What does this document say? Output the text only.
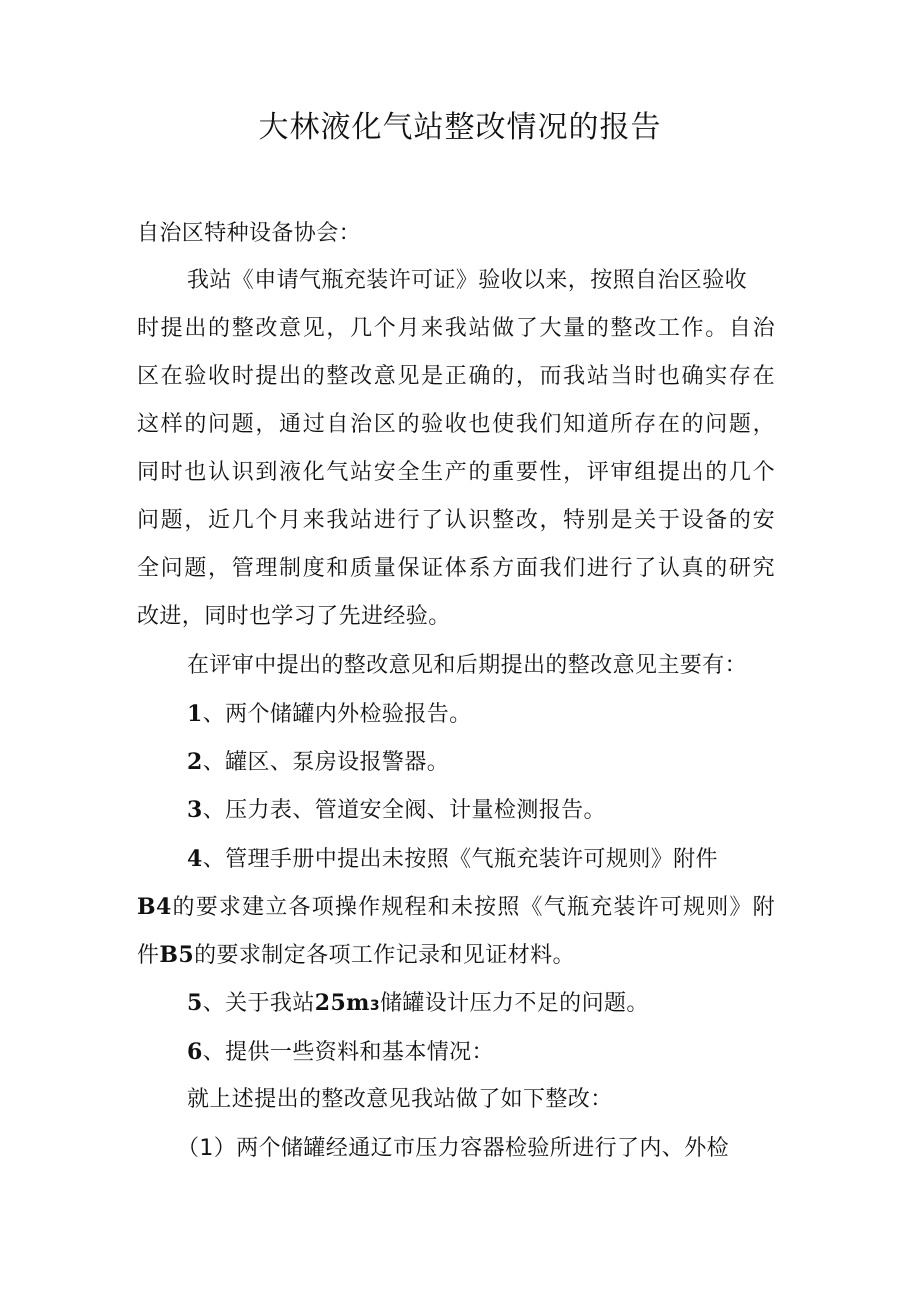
大林液化气站整改情况的报告
自治区特种设备协会：
我站《申请气瓶充装许可证》验收以来，按照自治区验收
时提出的整改意见，几个月来我站做了大量的整改工作。自治
区在验收时提出的整改意见是正确的，而我站当时也确实存在
这样的问题，通过自治区的验收也使我们知道所存在的问题，
同时也认识到液化气站安全生产的重要性，评审组提出的几个
问题，近几个月来我站进行了认识整改，特别是关于设备的安
全问题，管理制度和质量保证体系方面我们进行了认真的研究
改进，同时也学习了先进经验。
在评审中提出的整改意见和后期提出的整改意见主要有：
1、两个储罐内外检验报告。
2、罐区、泵房设报警器。
3、压力表、管道安全阀、计量检测报告。
4、管理手册中提出未按照《气瓶充装许可规则》附件
B4的要求建立各项操作规程和未按照《气瓶充装许可规则》附
件B5的要求制定各项工作记录和见证材料。
5、关于我站25m3储罐设计压力不足的问题。
6、提供一些资料和基本情况：
就上述提出的整改意见我站做了如下整改：
（1）两个储罐经通辽市压力容器检验所进行了内、外检
